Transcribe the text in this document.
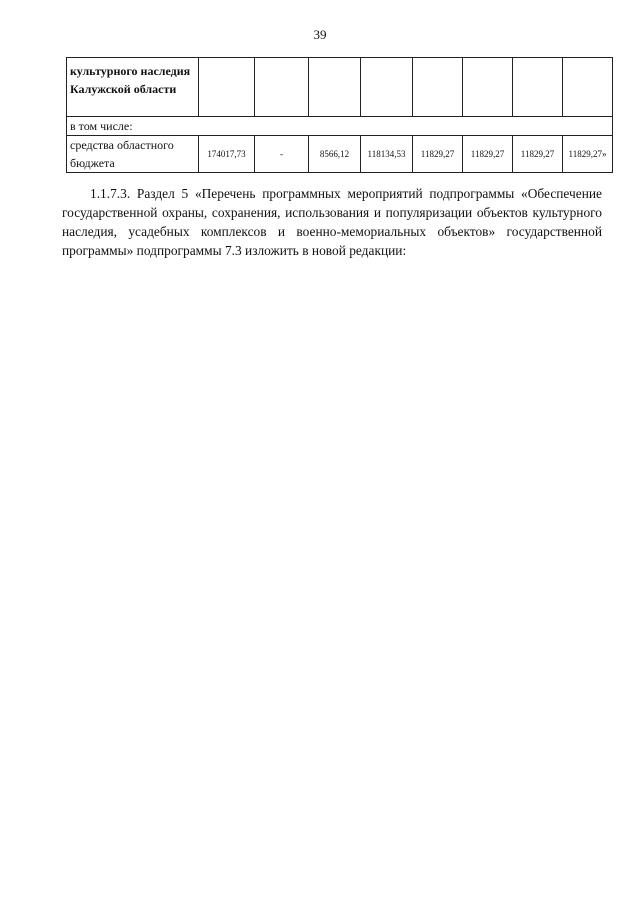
39
культурного наследия Калужской области								
в том числе:								
средства областного бюджета	174017,73	-	8566,12	118134,53	11829,27	11829,27	11829,27	11829,27»

1.1.7.3. Раздел 5 «Перечень программных мероприятий подпрограммы «Обеспечение государственной охраны, сохранения, использования и популяризации объектов культурного наследия, усадебных комплексов и военно-мемориальных объектов» государственной программы» подпрограммы 7.3 изложить в новой редакции:
